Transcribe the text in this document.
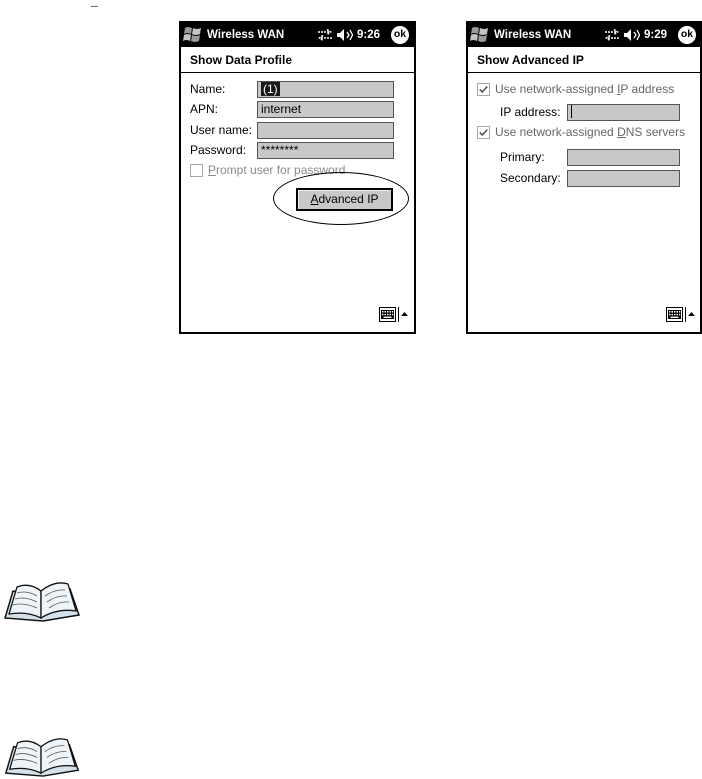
_
Wireless WAN	9:26 ok
Show Data Profile
Name:	(1)
APN:	internet
User name:
Password:	********
Prompt user for password
Advanced IP
Wireless WAN	9:29 ok
Show Advanced IP
Use network-assigned IP address
IP address:
Use network-assigned DNS servers
Primary:
Secondary:
